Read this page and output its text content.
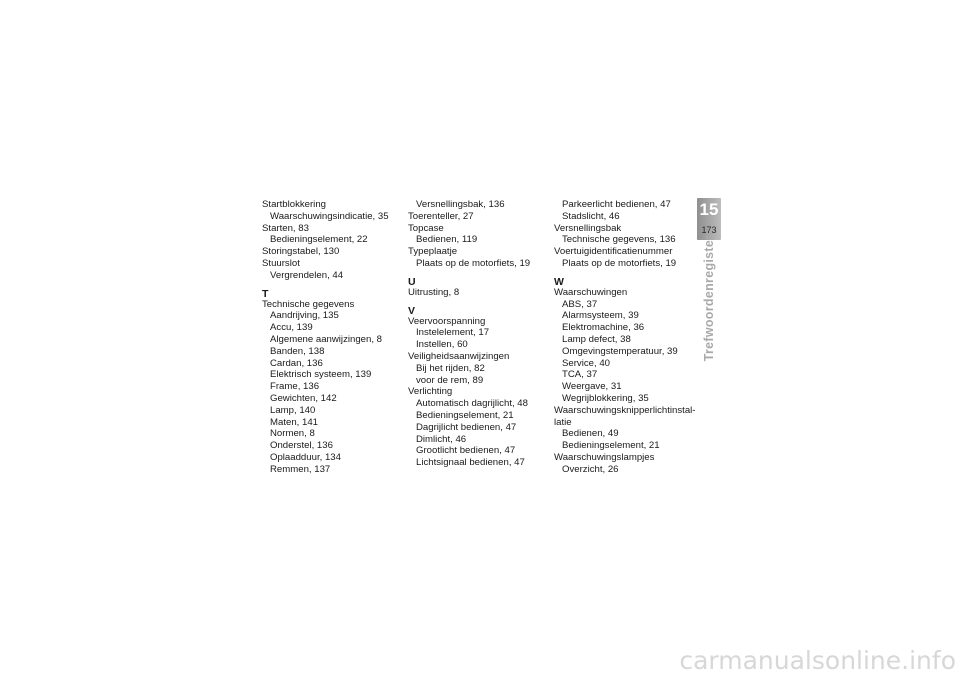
Startblokkering
Waarschuwingsindicatie, 35
Starten, 83
Bedieningselement, 22
Storingstabel, 130
Stuurslot
Vergrendelen, 44
T
Technische gegevens
Aandrijving, 135
Accu, 139
Algemene aanwijzingen, 8
Banden, 138
Cardan, 136
Elektrisch systeem, 139
Frame, 136
Gewichten, 142
Lamp, 140
Maten, 141
Normen, 8
Onderstel, 136
Oplaadduur, 134
Remmen, 137
Versnellingsbak, 136
Toerenteller, 27
Topcase
Bedienen, 119
Typeplaatje
Plaats op de motorfiets, 19
U
Uitrusting, 8
V
Veervoorspanning
Instelelement, 17
Instellen, 60
Veiligheidsaanwijzingen
Bij het rijden, 82
voor de rem, 89
Verlichting
Automatisch dagrijlicht, 48
Bedieningselement, 21
Dagrijlicht bedienen, 47
Dimlicht, 46
Grootlicht bedienen, 47
Lichtsignaal bedienen, 47
Parkeerlicht bedienen, 47
Stadslicht, 46
Versnellingsbak
Technische gegevens, 136
Voertuigidentificatienummer
Plaats op de motorfiets, 19
W
Waarschuwingen
ABS, 37
Alarmsysteem, 39
Elektromachine, 36
Lamp defect, 38
Omgevingstemperatuur, 39
Service, 40
TCA, 37
Weergave, 31
Wegrijblokkering, 35
Waarschuwingsknipperlichtinstal-
latie
Bedienen, 49
Bedieningselement, 21
Waarschuwingslampjes
Overzicht, 26
15
173
Trefwoordenregister
carmanualsonline.info
